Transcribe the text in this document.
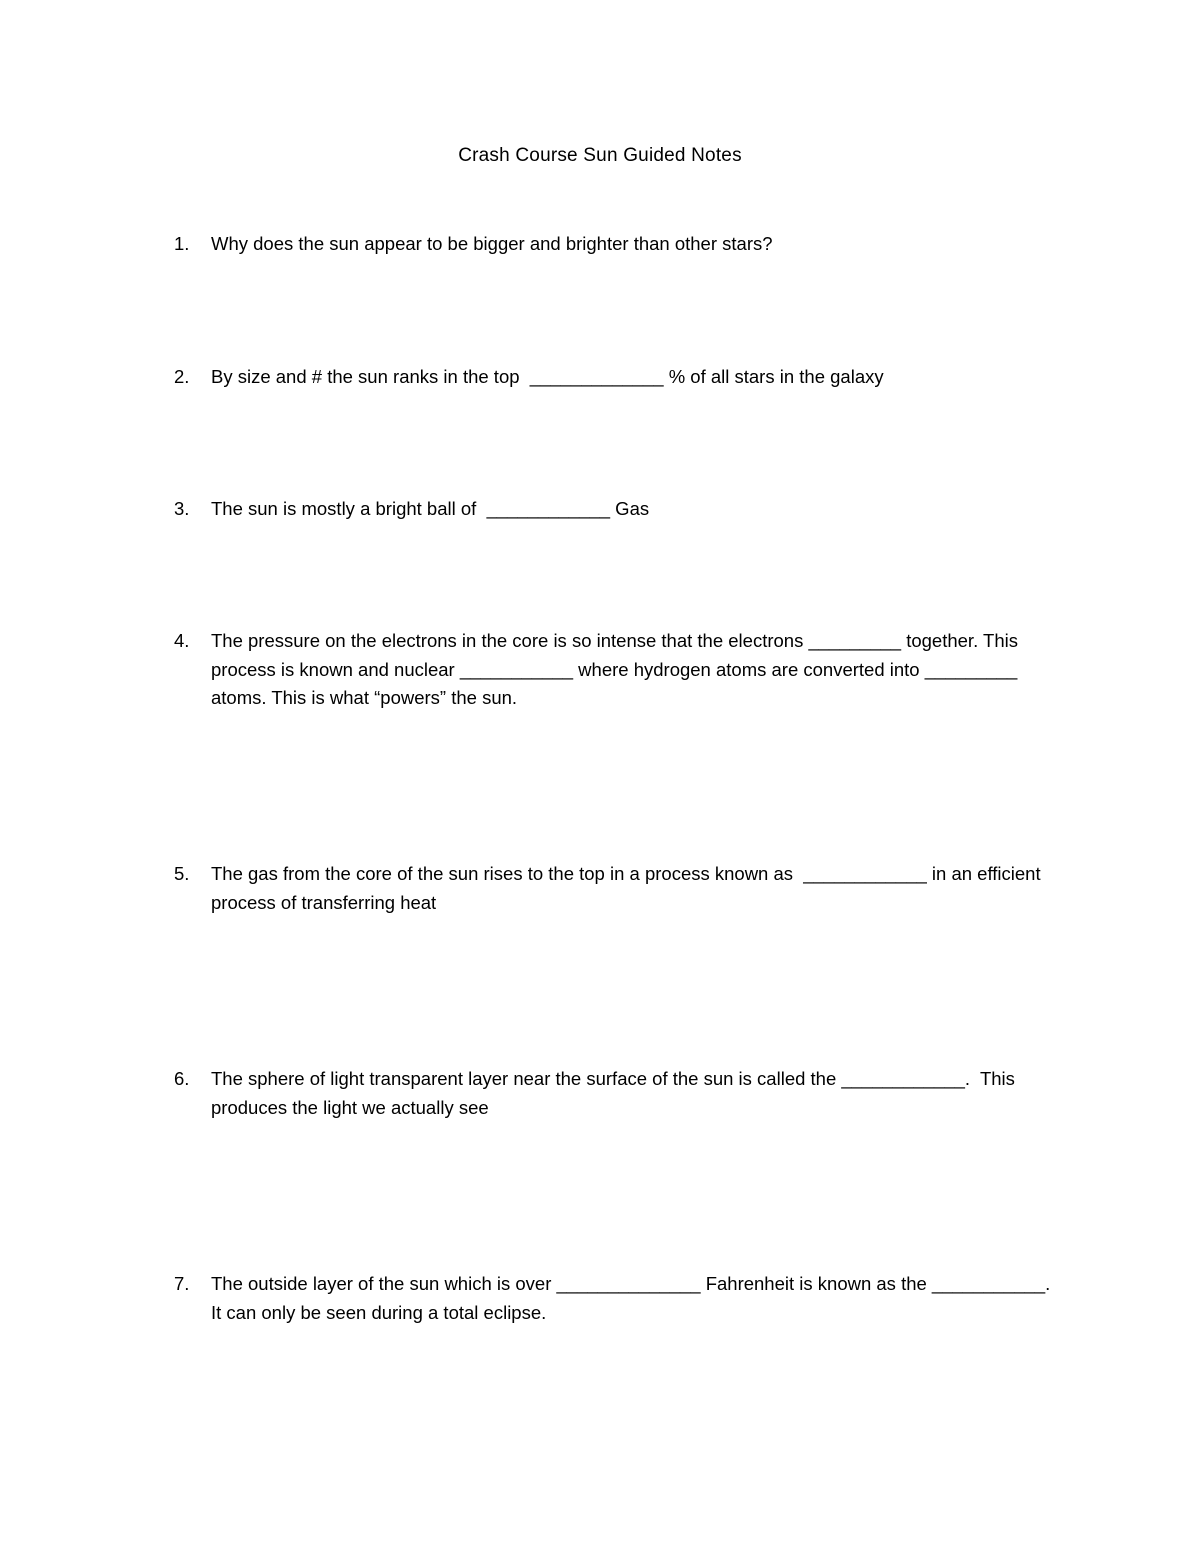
Crash Course Sun Guided Notes

1.

	Why does the sun appear to be bigger and brighter than other stars?

2.

	By size and # the sun ranks in the top  _____________ % of all stars in the galaxy

3.

	The sun is mostly a bright ball of  ____________ Gas

4.

	The pressure on the electrons in the core is so intense that the electrons _________ together. This process is known and nuclear ___________ where hydrogen atoms are converted into _________ atoms. This is what “powers” the sun.

5.

	The gas from the core of the sun rises to the top in a process known as  ____________ in an efficient process of transferring heat

6.

	The sphere of light transparent layer near the surface of the sun is called the ____________.  This produces the light we actually see

7.

	The outside layer of the sun which is over ______________ Fahrenheit is known as the ___________.  It can only be seen during a total eclipse.
